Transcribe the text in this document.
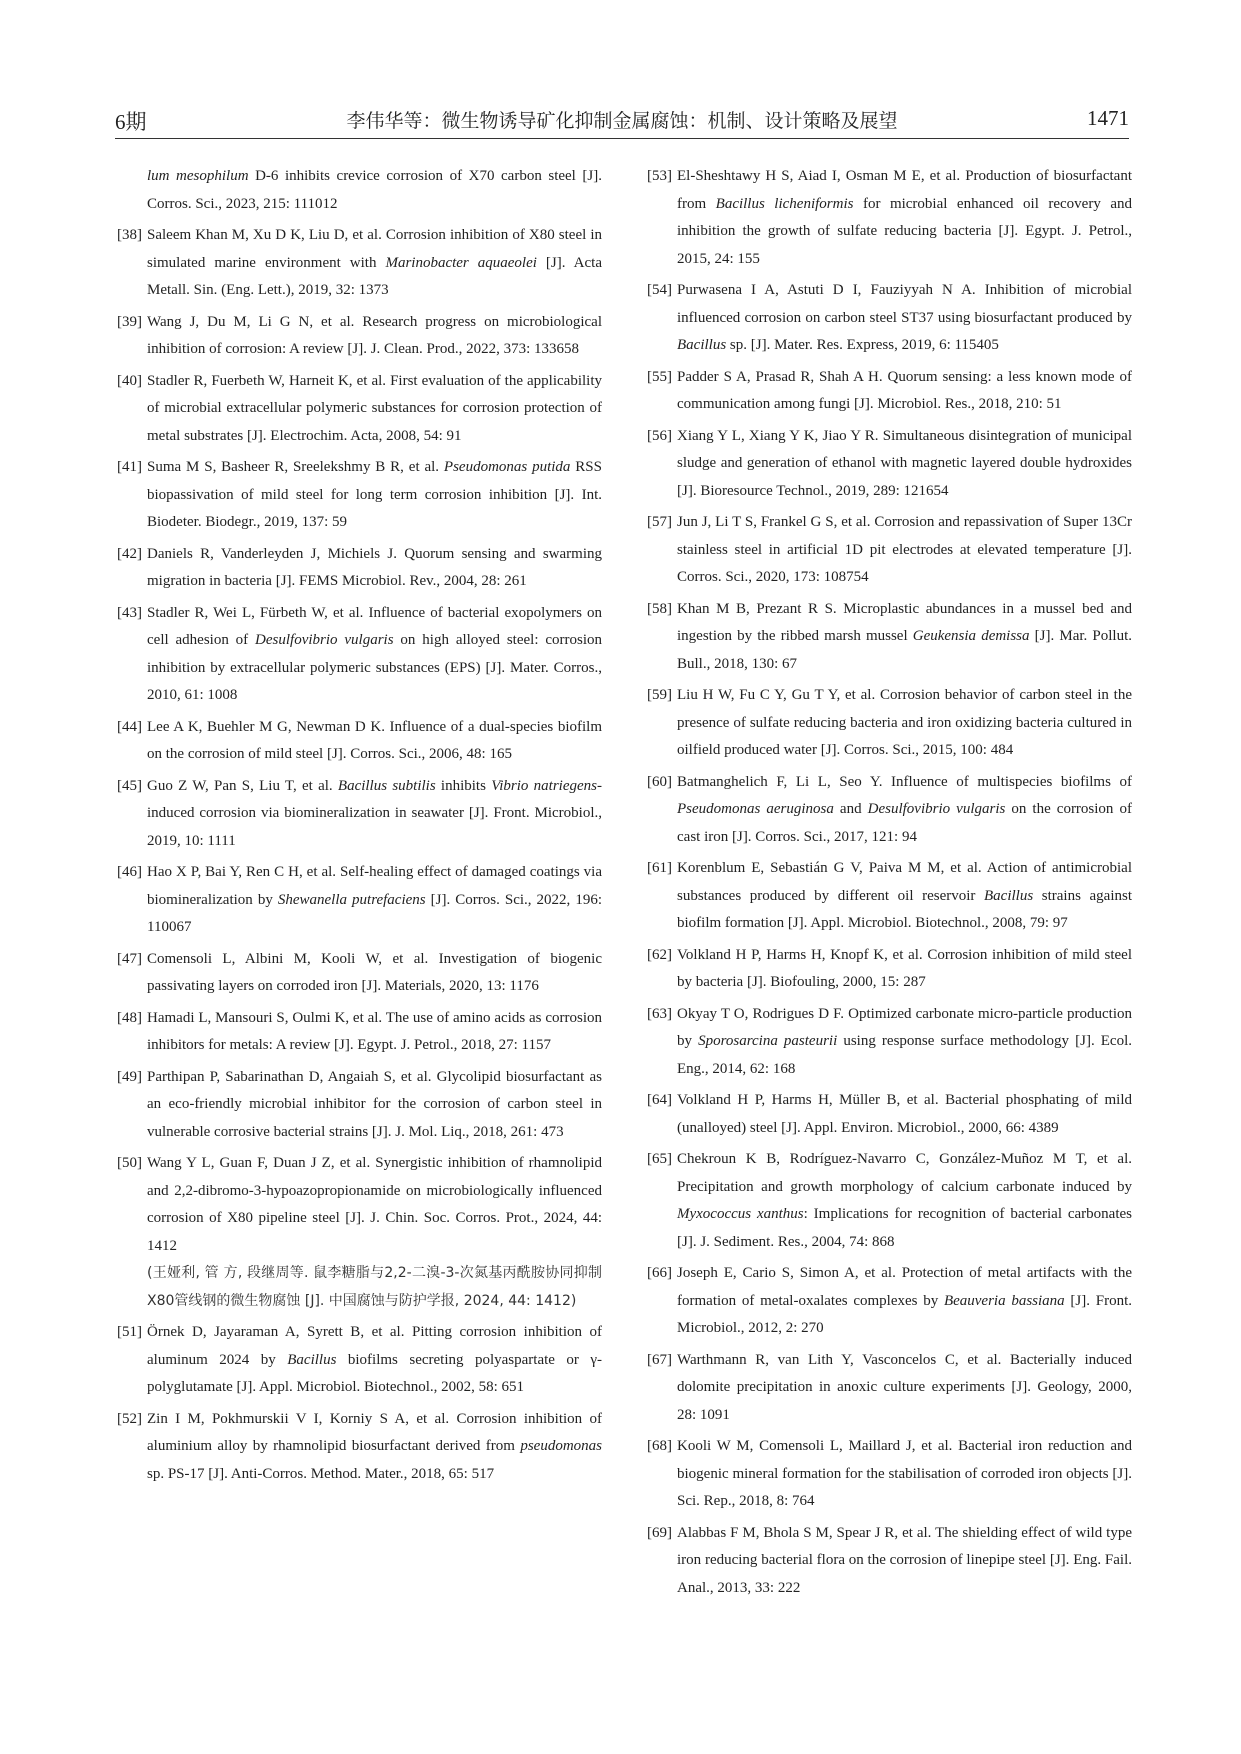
6期	李伟华等：微生物诱导矿化抑制金属腐蚀：机制、设计策略及展望	1471
lum mesophilum D-6 inhibits crevice corrosion of X70 carbon steel [J]. Corros. Sci., 2023, 215: 111012
[38] Saleem Khan M, Xu D K, Liu D, et al. Corrosion inhibition of X80 steel in simulated marine environment with Marinobacter aquaeolei [J]. Acta Metall. Sin. (Eng. Lett.), 2019, 32: 1373
[39] Wang J, Du M, Li G N, et al. Research progress on microbiological inhibition of corrosion: A review [J]. J. Clean. Prod., 2022, 373: 133658
[40] Stadler R, Fuerbeth W, Harneit K, et al. First evaluation of the applicability of microbial extracellular polymeric substances for corrosion protection of metal substrates [J]. Electrochim. Acta, 2008, 54: 91
[41] Suma M S, Basheer R, Sreelekshmy B R, et al. Pseudomonas putida RSS biopassivation of mild steel for long term corrosion inhibition [J]. Int. Biodeter. Biodegr., 2019, 137: 59
[42] Daniels R, Vanderleyden J, Michiels J. Quorum sensing and swarming migration in bacteria [J]. FEMS Microbiol. Rev., 2004, 28: 261
[43] Stadler R, Wei L, Fürbeth W, et al. Influence of bacterial exopolymers on cell adhesion of Desulfovibrio vulgaris on high alloyed steel: corrosion inhibition by extracellular polymeric substances (EPS) [J]. Mater. Corros., 2010, 61: 1008
[44] Lee A K, Buehler M G, Newman D K. Influence of a dual-species biofilm on the corrosion of mild steel [J]. Corros. Sci., 2006, 48: 165
[45] Guo Z W, Pan S, Liu T, et al. Bacillus subtilis inhibits Vibrio natriegens-induced corrosion via biomineralization in seawater [J]. Front. Microbiol., 2019, 10: 1111
[46] Hao X P, Bai Y, Ren C H, et al. Self-healing effect of damaged coatings via biomineralization by Shewanella putrefaciens [J]. Corros. Sci., 2022, 196: 110067
[47] Comensoli L, Albini M, Kooli W, et al. Investigation of biogenic passivating layers on corroded iron [J]. Materials, 2020, 13: 1176
[48] Hamadi L, Mansouri S, Oulmi K, et al. The use of amino acids as corrosion inhibitors for metals: A review [J]. Egypt. J. Petrol., 2018, 27: 1157
[49] Parthipan P, Sabarinathan D, Angaiah S, et al. Glycolipid biosurfactant as an eco-friendly microbial inhibitor for the corrosion of carbon steel in vulnerable corrosive bacterial strains [J]. J. Mol. Liq., 2018, 261: 473
[50] Wang Y L, Guan F, Duan J Z, et al. Synergistic inhibition of rhamnolipid and 2,2-dibromo-3-hypoazopropionamide on microbiologically influenced corrosion of X80 pipeline steel [J]. J. Chin. Soc. Corros. Prot., 2024, 44: 1412
(王娅利, 管 方, 段继周等. 鼠李糖脂与2,2-二溴-3-次氮基丙酰胺协同抑制X80管线钢的微生物腐蚀 [J]. 中国腐蚀与防护学报, 2024, 44: 1412)
[51] Örnek D, Jayaraman A, Syrett B, et al. Pitting corrosion inhibition of aluminum 2024 by Bacillus biofilms secreting polyaspartate or γ-polyglutamate [J]. Appl. Microbiol. Biotechnol., 2002, 58: 651
[52] Zin I M, Pokhmurskii V I, Korniy S A, et al. Corrosion inhibition of aluminium alloy by rhamnolipid biosurfactant derived from pseudomonas sp. PS-17 [J]. Anti-Corros. Method. Mater., 2018, 65: 517
[53] El-Sheshtawy H S, Aiad I, Osman M E, et al. Production of biosurfactant from Bacillus licheniformis for microbial enhanced oil recovery and inhibition the growth of sulfate reducing bacteria [J]. Egypt. J. Petrol., 2015, 24: 155
[54] Purwasena I A, Astuti D I, Fauziyyah N A. Inhibition of microbial influenced corrosion on carbon steel ST37 using biosurfactant produced by Bacillus sp. [J]. Mater. Res. Express, 2019, 6: 115405
[55] Padder S A, Prasad R, Shah A H. Quorum sensing: a less known mode of communication among fungi [J]. Microbiol. Res., 2018, 210: 51
[56] Xiang Y L, Xiang Y K, Jiao Y R. Simultaneous disintegration of municipal sludge and generation of ethanol with magnetic layered double hydroxides [J]. Bioresource Technol., 2019, 289: 121654
[57] Jun J, Li T S, Frankel G S, et al. Corrosion and repassivation of Super 13Cr stainless steel in artificial 1D pit electrodes at elevated temperature [J]. Corros. Sci., 2020, 173: 108754
[58] Khan M B, Prezant R S. Microplastic abundances in a mussel bed and ingestion by the ribbed marsh mussel Geukensia demissa [J]. Mar. Pollut. Bull., 2018, 130: 67
[59] Liu H W, Fu C Y, Gu T Y, et al. Corrosion behavior of carbon steel in the presence of sulfate reducing bacteria and iron oxidizing bacteria cultured in oilfield produced water [J]. Corros. Sci., 2015, 100: 484
[60] Batmanghelich F, Li L, Seo Y. Influence of multispecies biofilms of Pseudomonas aeruginosa and Desulfovibrio vulgaris on the corrosion of cast iron [J]. Corros. Sci., 2017, 121: 94
[61] Korenblum E, Sebastián G V, Paiva M M, et al. Action of antimicrobial substances produced by different oil reservoir Bacillus strains against biofilm formation [J]. Appl. Microbiol. Biotechnol., 2008, 79: 97
[62] Volkland H P, Harms H, Knopf K, et al. Corrosion inhibition of mild steel by bacteria [J]. Biofouling, 2000, 15: 287
[63] Okyay T O, Rodrigues D F. Optimized carbonate micro-particle production by Sporosarcina pasteurii using response surface methodology [J]. Ecol. Eng., 2014, 62: 168
[64] Volkland H P, Harms H, Müller B, et al. Bacterial phosphating of mild (unalloyed) steel [J]. Appl. Environ. Microbiol., 2000, 66: 4389
[65] Chekroun K B, Rodríguez-Navarro C, González-Muñoz M T, et al. Precipitation and growth morphology of calcium carbonate induced by Myxococcus xanthus: Implications for recognition of bacterial carbonates [J]. J. Sediment. Res., 2004, 74: 868
[66] Joseph E, Cario S, Simon A, et al. Protection of metal artifacts with the formation of metal-oxalates complexes by Beauveria bassiana [J]. Front. Microbiol., 2012, 2: 270
[67] Warthmann R, van Lith Y, Vasconcelos C, et al. Bacterially induced dolomite precipitation in anoxic culture experiments [J]. Geology, 2000, 28: 1091
[68] Kooli W M, Comensoli L, Maillard J, et al. Bacterial iron reduction and biogenic mineral formation for the stabilisation of corroded iron objects [J]. Sci. Rep., 2018, 8: 764
[69] Alabbas F M, Bhola S M, Spear J R, et al. The shielding effect of wild type iron reducing bacterial flora on the corrosion of linepipe steel [J]. Eng. Fail. Anal., 2013, 33: 222
